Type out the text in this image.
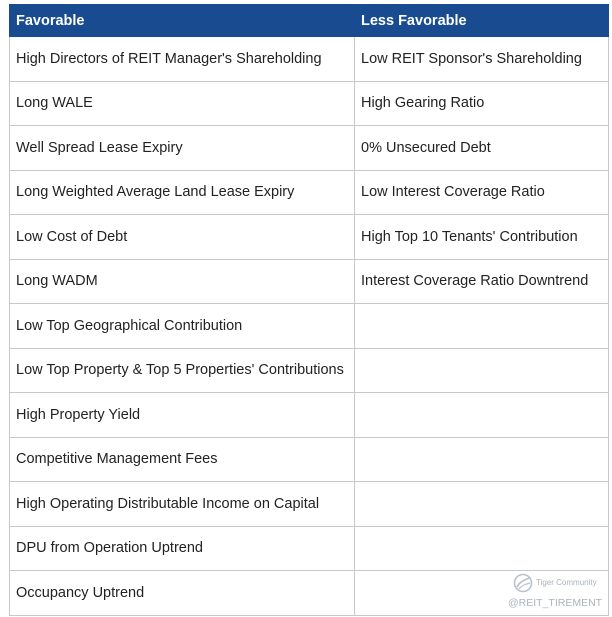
Favorable	Less Favorable
High Directors of REIT Manager's Shareholding	Low REIT Sponsor's Shareholding
Long WALE	High Gearing Ratio
Well Spread Lease Expiry	0% Unsecured Debt
Long Weighted Average Land Lease Expiry	Low Interest Coverage Ratio
Low Cost of Debt	High Top 10 Tenants' Contribution
Long WADM	Interest Coverage Ratio Downtrend
Low Top Geographical Contribution	
Low Top Property & Top 5 Properties' Contributions	
High Property Yield	
Competitive Management Fees	
High Operating Distributable Income on Capital	
DPU from Operation Uptrend	
Occupancy Uptrend	
Tiger Community
@REIT_TIREMENT
